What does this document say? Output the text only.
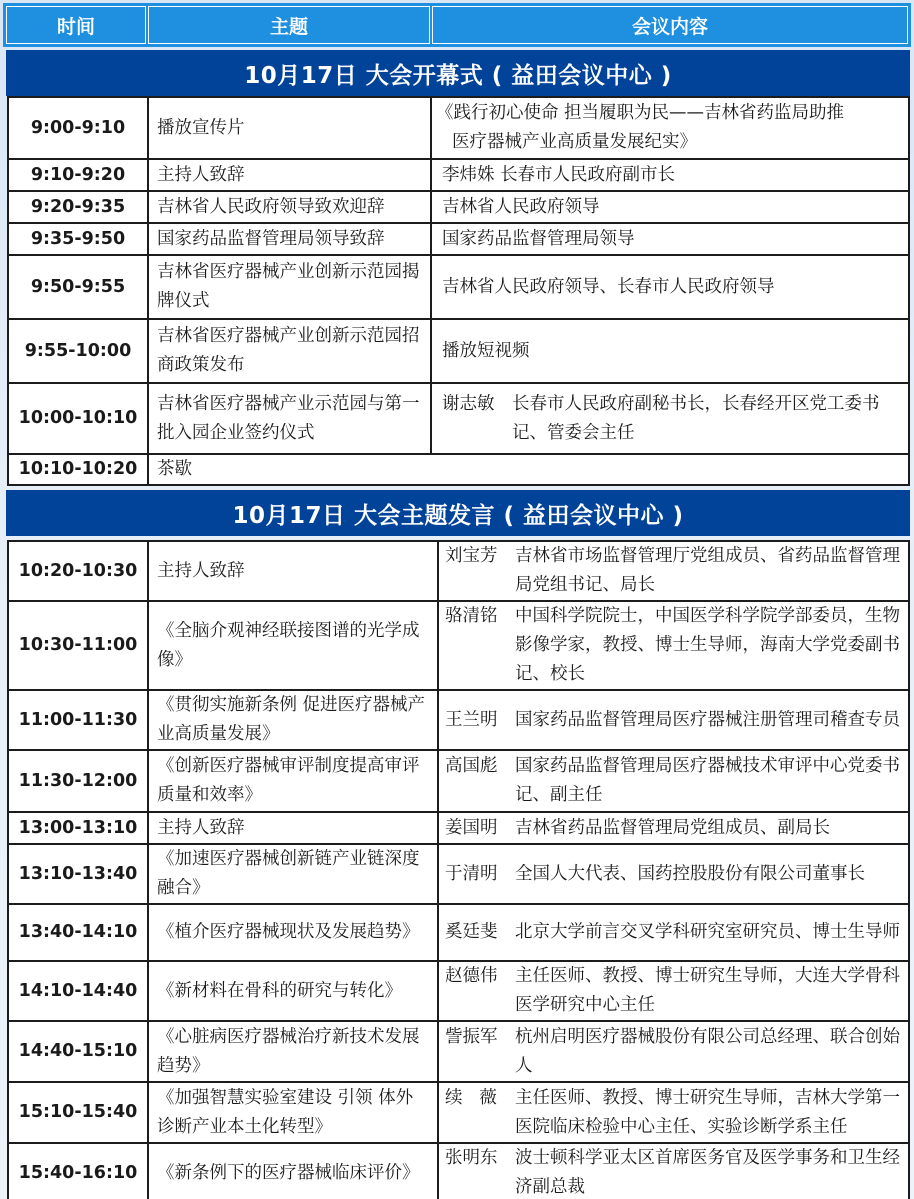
时间	主题	会议内容
10月17日 大会开幕式 ( 益田会议中心 )
9:00-9:10	播放宣传片	《践行初心使命 担当履职为民——吉林省药监局助推
医疗器械产业高质量发展纪实》

9:10-9:20	主持人致辞	李炜姝 长春市人民政府副市长
9:20-9:35	吉林省人民政府领导致欢迎辞	吉林省人民政府领导
9:35-9:50	国家药品监督管理局领导致辞	国家药品监督管理局领导
9:50-9:55	吉林省医疗器械产业创新示范园揭牌仪式	吉林省人民政府领导、长春市人民政府领导
9:55-10:00	吉林省医疗器械产业创新示范园招商政策发布	播放短视频
10:00-10:10	吉林省医疗器械产业示范园与第一批入园企业签约仪式	谢志敏 长春市人民政府副秘书长，长春经开区党工委书记、管委会主任

10:10-10:20	茶歇	
10月17日 大会主题发言 ( 益田会议中心 )
10:20-10:30	主持人致辞	刘宝芳 吉林省市场监督管理厅党组成员、省药品监督管理局党组书记、局长

10:30-11:00	《全脑介观神经联接图谱的光学成像》	骆清铭 中国科学院院士，中国医学科学院学部委员，生物影像学家，教授、博士生导师，海南大学党委副书记、校长

11:00-11:30	《贯彻实施新条例 促进医疗器械产业高质量发展》	王兰明 国家药品监督管理局医疗器械注册管理司稽查专员

11:30-12:00	《创新医疗器械审评制度提高审评质量和效率》	高国彪 国家药品监督管理局医疗器械技术审评中心党委书记、副主任

13:00-13:10	主持人致辞	姜国明 吉林省药品监督管理局党组成员、副局长

13:10-13:40	《加速医疗器械创新链产业链深度融合》	于清明 全国人大代表、国药控股股份有限公司董事长

13:40-14:10	《植介医疗器械现状及发展趋势》	奚廷斐 北京大学前言交叉学科研究室研究员、博士生导师

14:10-14:40	《新材料在骨科的研究与转化》	赵德伟 主任医师、教授、博士研究生导师，大连大学骨科医学研究中心主任

14:40-15:10	《心脏病医疗器械治疗新技术发展趋势》	訾振军 杭州启明医疗器械股份有限公司总经理、联合创始人

15:10-15:40	《加强智慧实验室建设 引领 体外诊断产业本土化转型》	续   薇 主任医师、教授、博士研究生导师，吉林大学第一医院临床检验中心主任、实验诊断学系主任

15:40-16:10	《新条例下的医疗器械临床评价》	张明东 波士顿科学亚太区首席医务官及医学事务和卫生经济副总裁
